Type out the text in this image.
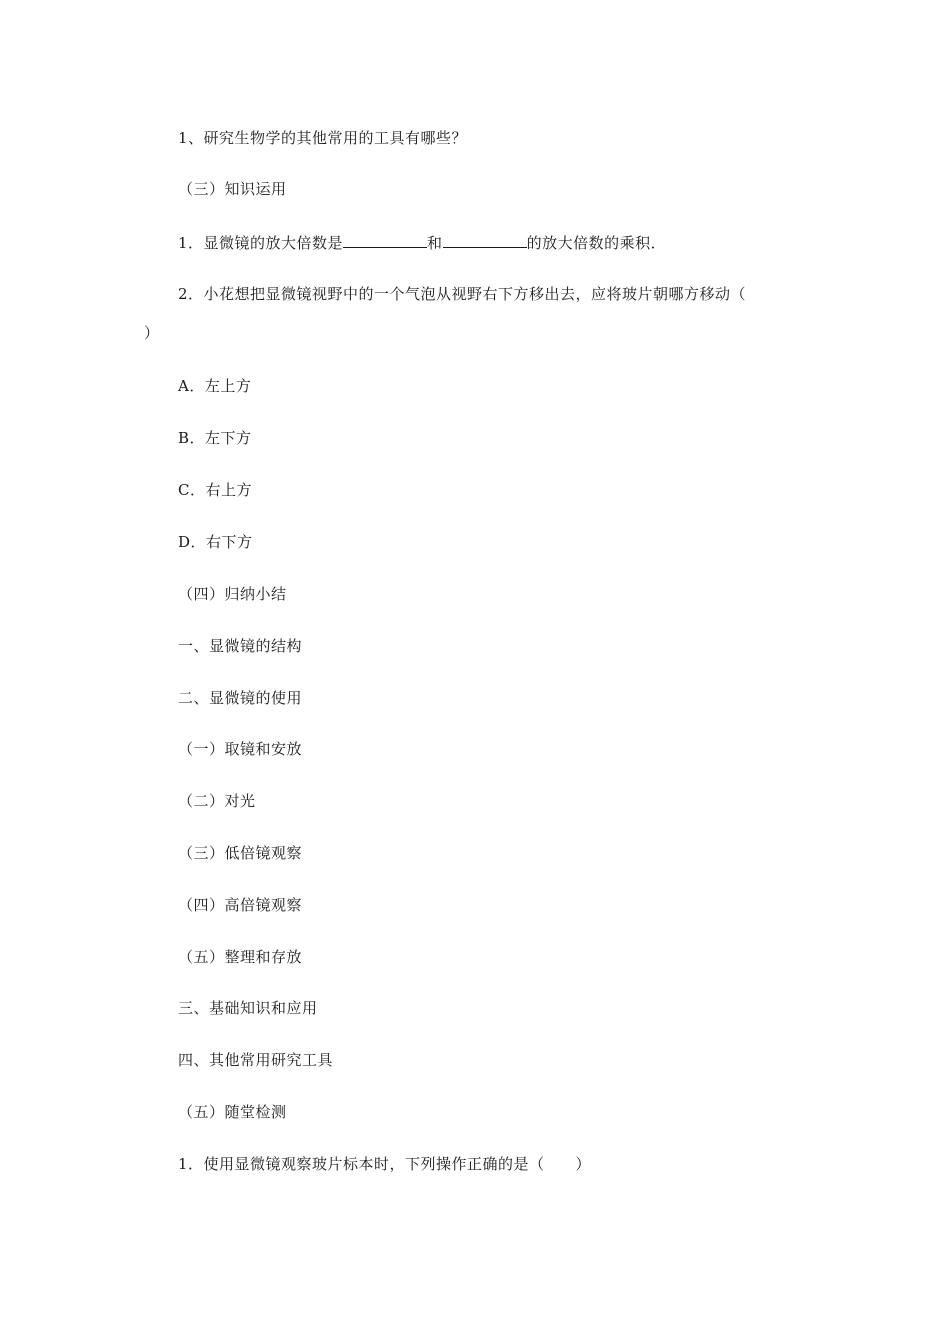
1、研究生物学的其他常用的工具有哪些？
（三）知识运用
1．显微镜的放大倍数是	和	的放大倍数的乘积．
2．小花想把显微镜视野中的一个气泡从视野右下方移出去，应将玻片朝哪方移动（
）
A．左上方
B．左下方
C．右上方
D．右下方
（四）归纳小结
一、显微镜的结构
二、显微镜的使用
（一）取镜和安放
（二）对光
（三）低倍镜观察
（四）高倍镜观察
（五）整理和存放
三、基础知识和应用
四、其他常用研究工具
（五）随堂检测
1．使用显微镜观察玻片标本时，下列操作正确的是（　　）
